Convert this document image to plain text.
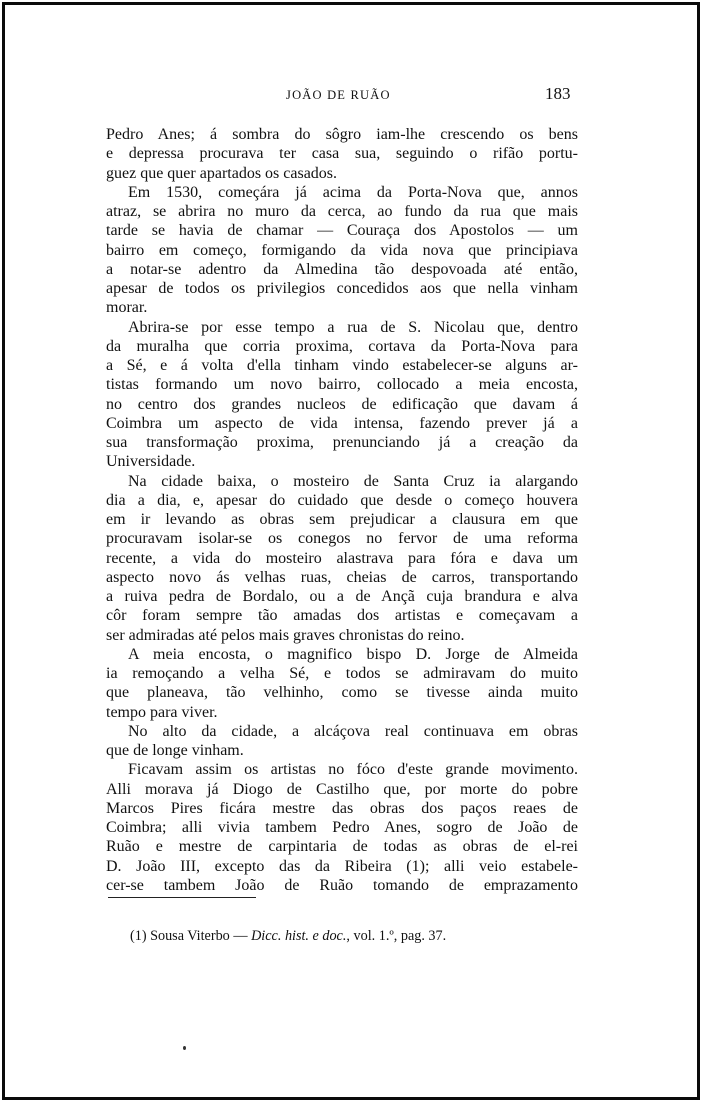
JOÃO DE RUÃO	183
Pedro Anes; á sombra do sôgro iam-lhe crescendo os bens
e depressa procurava ter casa sua, seguindo o rifão portu-
guez que quer apartados os casados.
Em 1530, começára já acima da Porta-Nova que, annos
atraz, se abrira no muro da cerca, ao fundo da rua que mais
tarde se havia de chamar — Couraça dos Apostolos — um
bairro em começo, formigando da vida nova que principiava
a notar-se adentro da Almedina tão despovoada até então,
apesar de todos os privilegios concedidos aos que nella vinham
morar.
Abrira-se por esse tempo a rua de S. Nicolau que, dentro
da muralha que corria proxima, cortava da Porta-Nova para
a Sé, e á volta d'ella tinham vindo estabelecer-se alguns ar-
tistas formando um novo bairro, collocado a meia encosta,
no centro dos grandes nucleos de edificação que davam á
Coimbra um aspecto de vida intensa, fazendo prever já a
sua transformação proxima, prenunciando já a creação da
Universidade.
Na cidade baixa, o mosteiro de Santa Cruz ia alargando
dia a dia, e, apesar do cuidado que desde o começo houvera
em ir levando as obras sem prejudicar a clausura em que
procuravam isolar-se os conegos no fervor de uma reforma
recente, a vida do mosteiro alastrava para fóra e dava um
aspecto novo ás velhas ruas, cheias de carros, transportando
a ruiva pedra de Bordalo, ou a de Ançã cuja brandura e alva
côr foram sempre tão amadas dos artistas e começavam a
ser admiradas até pelos mais graves chronistas do reino.
A meia encosta, o magnifico bispo D. Jorge de Almeida
ia remoçando a velha Sé, e todos se admiravam do muito
que planeava, tão velhinho, como se tivesse ainda muito
tempo para viver.
No alto da cidade, a alcáçova real continuava em obras
que de longe vinham.
Ficavam assim os artistas no fóco d'este grande movimento.
Alli morava já Diogo de Castilho que, por morte do pobre
Marcos Pires ficára mestre das obras dos paços reaes de
Coimbra; alli vivia tambem Pedro Anes, sogro de João de
Ruão e mestre de carpintaria de todas as obras de el-rei
D. João III, excepto das da Ribeira (1); alli veio estabele-
cer-se tambem João de Ruão tomando de emprazamento
(1) Sousa Viterbo — Dicc. hist. e doc., vol. 1.º, pag. 37.
